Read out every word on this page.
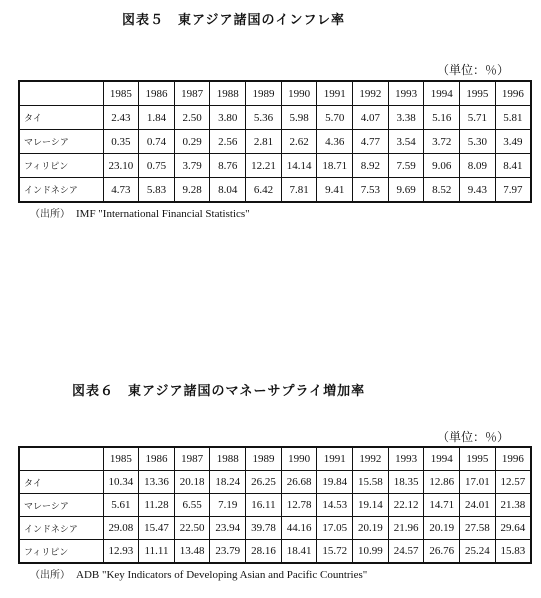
図表５　東アジア諸国のインフレ率
（単位：％）
	1985	1986	1987	1988	1989	1990	1991	1992	1993	1994	1995	1996
タイ	2.43	1.84	2.50	3.80	5.36	5.98	5.70	4.07	3.38	5.16	5.71	5.81
マレーシア	0.35	0.74	0.29	2.56	2.81	2.62	4.36	4.77	3.54	3.72	5.30	3.49
フィリピン	23.10	0.75	3.79	8.76	12.21	14.14	18.71	8.92	7.59	9.06	8.09	8.41
インドネシア	4.73	5.83	9.28	8.04	6.42	7.81	9.41	7.53	9.69	8.52	9.43	7.97
（出所） IMF "International Financial Statistics"
図表６　東アジア諸国のマネーサプライ増加率
（単位：％）
	1985	1986	1987	1988	1989	1990	1991	1992	1993	1994	1995	1996
タイ	10.34	13.36	20.18	18.24	26.25	26.68	19.84	15.58	18.35	12.86	17.01	12.57
マレーシア	5.61	11.28	6.55	7.19	16.11	12.78	14.53	19.14	22.12	14.71	24.01	21.38
インドネシア	29.08	15.47	22.50	23.94	39.78	44.16	17.05	20.19	21.96	20.19	27.58	29.64
フィリピン	12.93	11.11	13.48	23.79	28.16	18.41	15.72	10.99	24.57	26.76	25.24	15.83
（出所） ADB "Key Indicators of Developing Asian and Pacific Countries"
